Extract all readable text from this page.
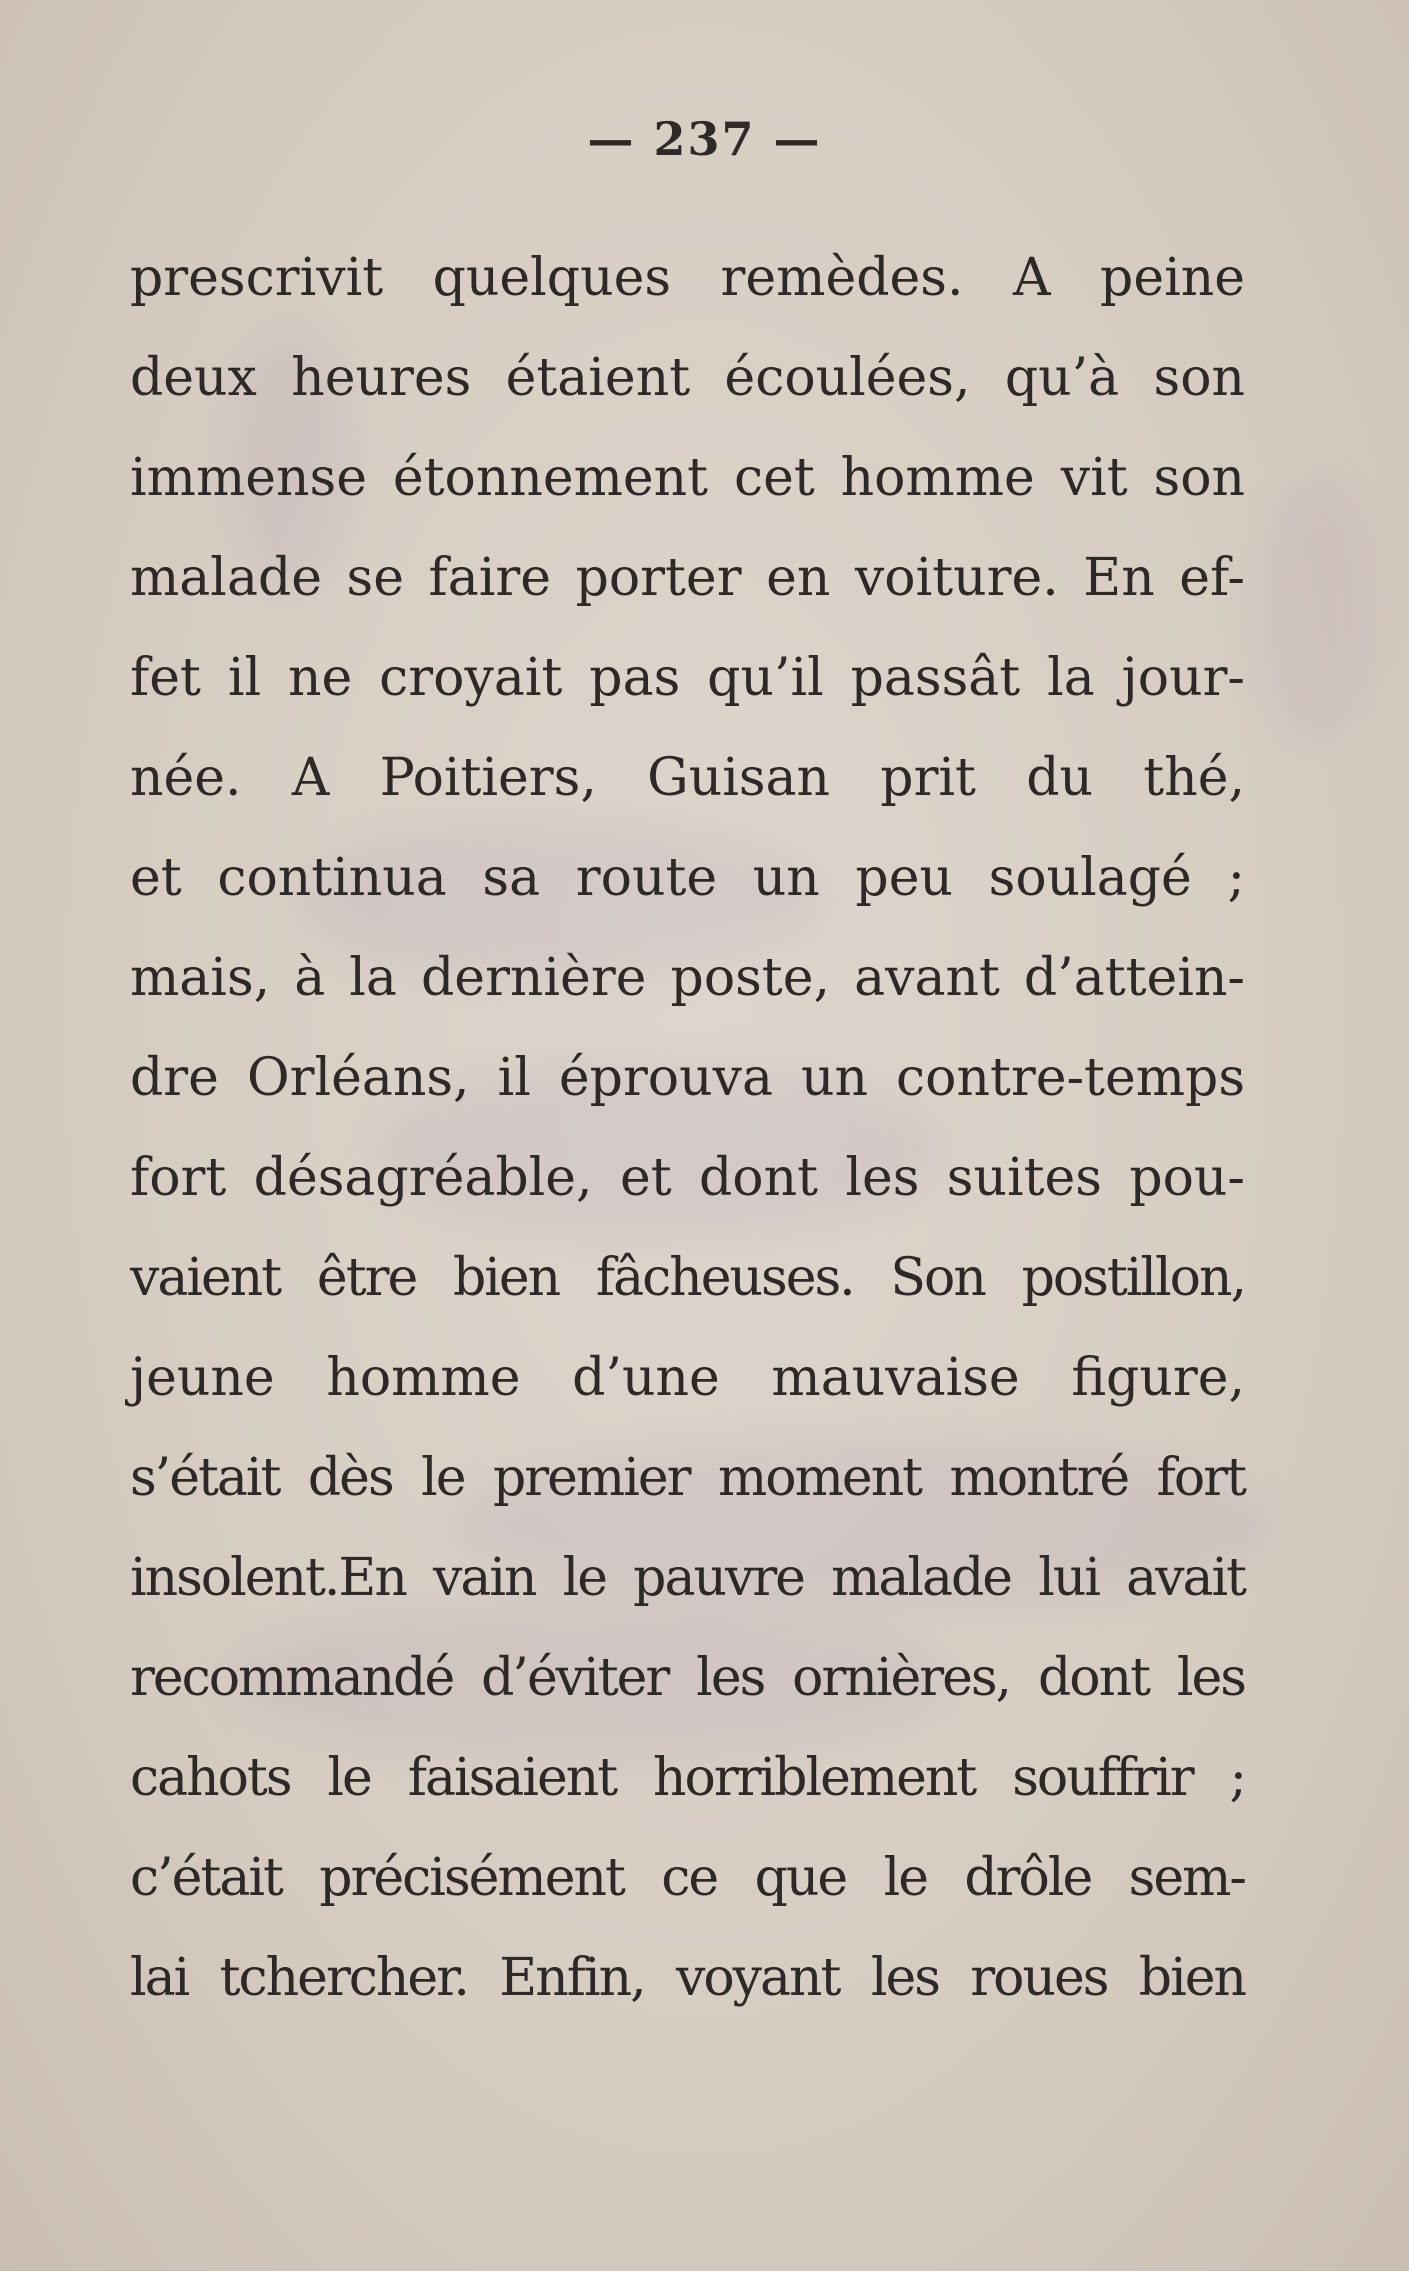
— 237 —
prescrivit quelques remèdes. A peine
deux heures étaient écoulées, qu’à son
immense étonnement cet homme vit son
malade se faire porter en voiture. En ef-
fet il ne croyait pas qu’il passât la jour-
née. A Poitiers, Guisan prit du thé,
et continua sa route un peu soulagé ;
mais, à la dernière poste, avant d’attein-
dre Orléans, il éprouva un contre-temps
fort désagréable, et dont les suites pou-
vaient être bien fâcheuses. Son postillon,
jeune homme d’une mauvaise figure,
s’était dès le premier moment montré fort
insolent.En vain le pauvre malade lui avait
recommandé d’éviter les ornières, dont les
cahots le faisaient horriblement souffrir ;
c’était précisément ce que le drôle sem-
lai tchercher. Enfin, voyant les roues bien
